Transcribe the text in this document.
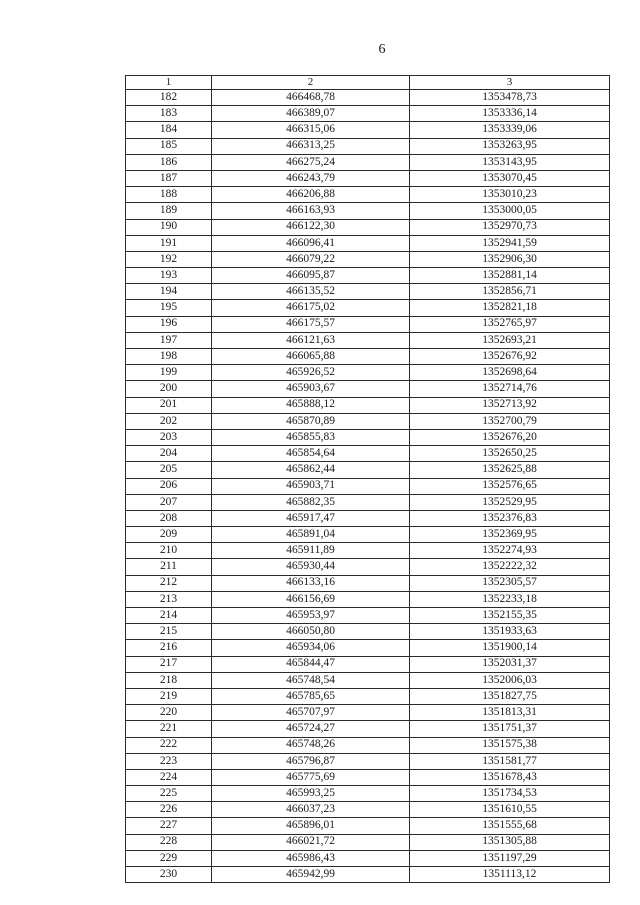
6
1	2	3
182	466468,78	1353478,73
183	466389,07	1353336,14
184	466315,06	1353339,06
185	466313,25	1353263,95
186	466275,24	1353143,95
187	466243,79	1353070,45
188	466206,88	1353010,23
189	466163,93	1353000,05
190	466122,30	1352970,73
191	466096,41	1352941,59
192	466079,22	1352906,30
193	466095,87	1352881,14
194	466135,52	1352856,71
195	466175,02	1352821,18
196	466175,57	1352765,97
197	466121,63	1352693,21
198	466065,88	1352676,92
199	465926,52	1352698,64
200	465903,67	1352714,76
201	465888,12	1352713,92
202	465870,89	1352700,79
203	465855,83	1352676,20
204	465854,64	1352650,25
205	465862,44	1352625,88
206	465903,71	1352576,65
207	465882,35	1352529,95
208	465917,47	1352376,83
209	465891,04	1352369,95
210	465911,89	1352274,93
211	465930,44	1352222,32
212	466133,16	1352305,57
213	466156,69	1352233,18
214	465953,97	1352155,35
215	466050,80	1351933,63
216	465934,06	1351900,14
217	465844,47	1352031,37
218	465748,54	1352006,03
219	465785,65	1351827,75
220	465707,97	1351813,31
221	465724,27	1351751,37
222	465748,26	1351575,38
223	465796,87	1351581,77
224	465775,69	1351678,43
225	465993,25	1351734,53
226	466037,23	1351610,55
227	465896,01	1351555,68
228	466021,72	1351305,88
229	465986,43	1351197,29
230	465942,99	1351113,12
